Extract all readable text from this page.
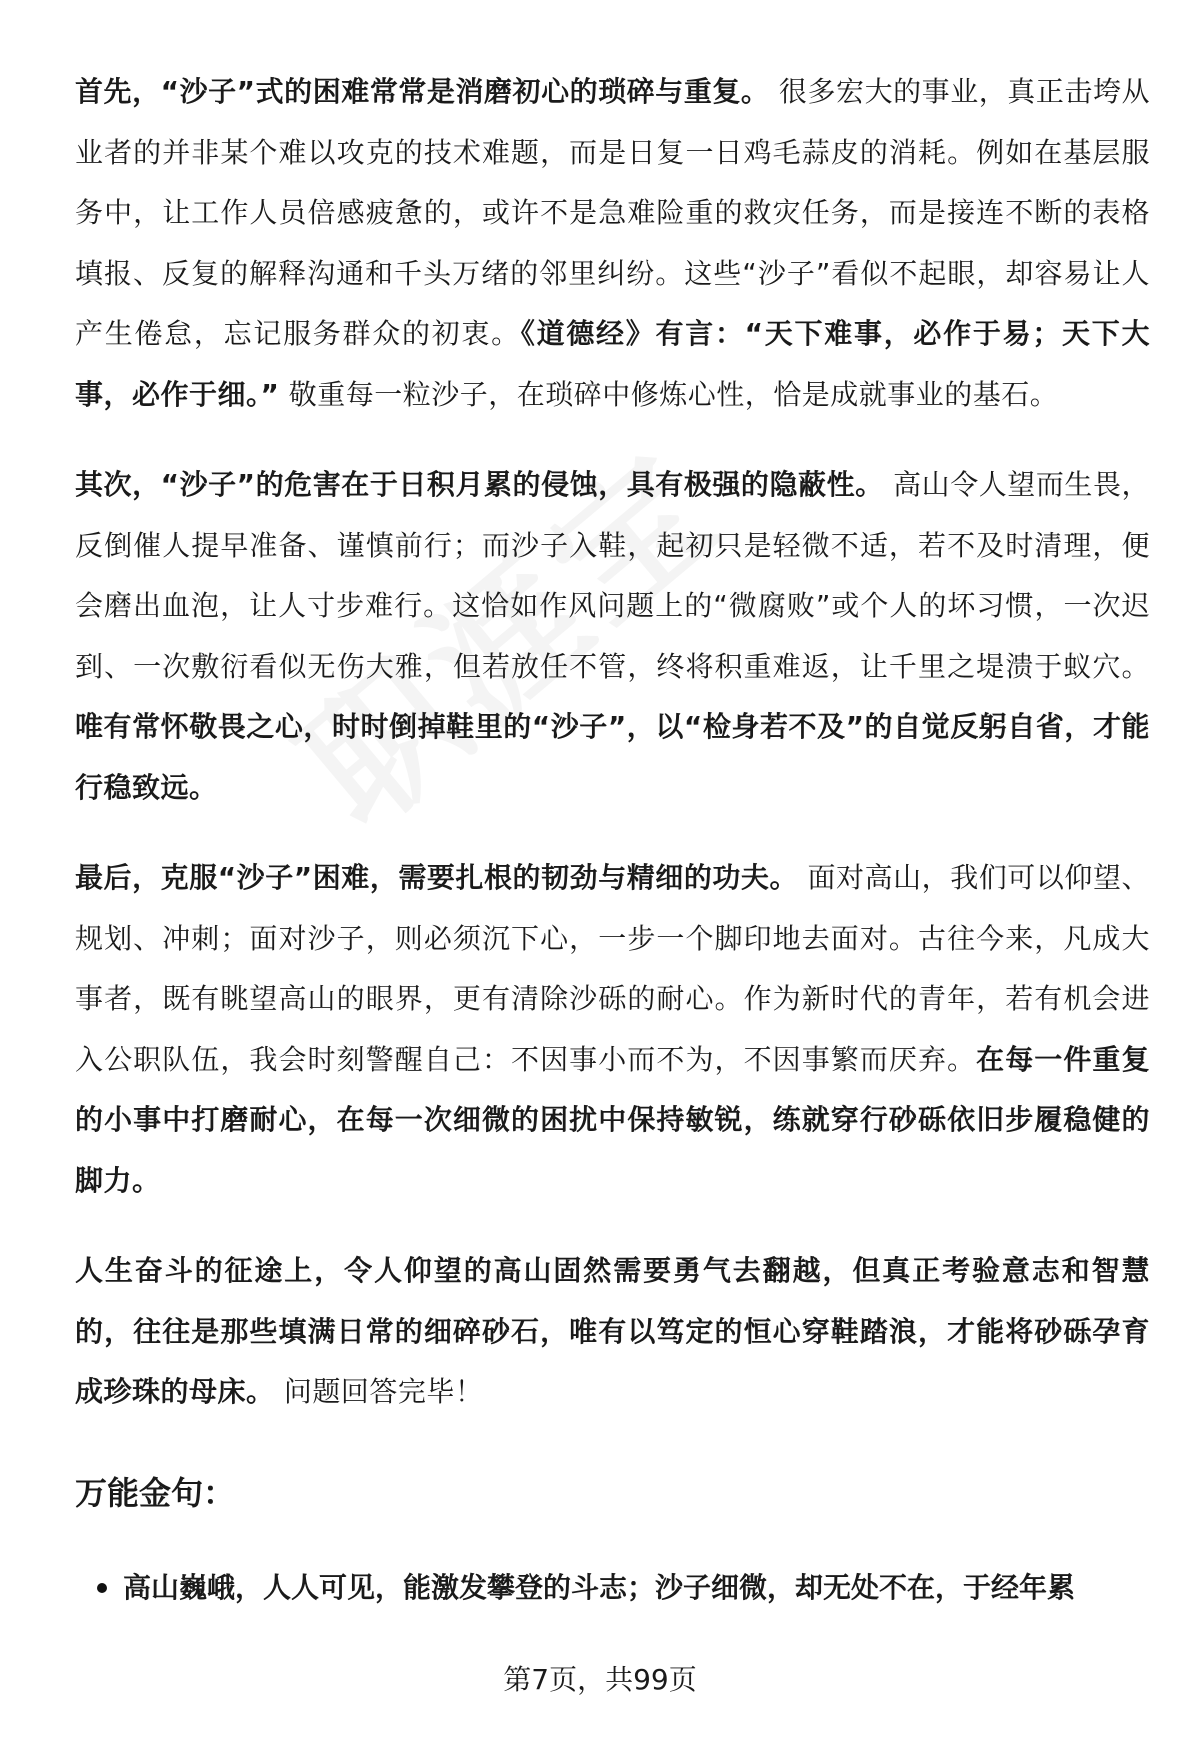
首先，“沙子”式的困难常常是消磨初心的琐碎与重复。 很多宏大的事业，真正击垮从业者的并非某个难以攻克的技术难题，而是日复一日鸡毛蒜皮的消耗。例如在基层服务中，让工作人员倍感疲惫的，或许不是急难险重的救灾任务，而是接连不断的表格填报、反复的解释沟通和千头万绪的邻里纠纷。这些“沙子”看似不起眼，却容易让人产生倦怠，忘记服务群众的初衷。《道德经》有言：“天下难事，必作于易；天下大事，必作于细。” 敬重每一粒沙子，在琐碎中修炼心性，恰是成就事业的基石。

其次，“沙子”的危害在于日积月累的侵蚀，具有极强的隐蔽性。 高山令人望而生畏，反倒催人提早准备、谨慎前行；而沙子入鞋，起初只是轻微不适，若不及时清理，便会磨出血泡，让人寸步难行。这恰如作风问题上的“微腐败”或个人的坏习惯，一次迟到、一次敷衍看似无伤大雅，但若放任不管，终将积重难返，让千里之堤溃于蚁穴。唯有常怀敬畏之心，时时倒掉鞋里的“沙子”，以“检身若不及”的自觉反躬自省，才能行稳致远。

最后，克服“沙子”困难，需要扎根的韧劲与精细的功夫。 面对高山，我们可以仰望、规划、冲刺；面对沙子，则必须沉下心，一步一个脚印地去面对。古往今来，凡成大事者，既有眺望高山的眼界，更有清除沙砾的耐心。作为新时代的青年，若有机会进入公职队伍，我会时刻警醒自己：不因事小而不为，不因事繁而厌弃。在每一件重复的小事中打磨耐心，在每一次细微的困扰中保持敏锐，练就穿行砂砾依旧步履稳健的脚力。

人生奋斗的征途上，令人仰望的高山固然需要勇气去翻越，但真正考验意志和智慧的，往往是那些填满日常的细碎砂石，唯有以笃定的恒心穿鞋踏浪，才能将砂砾孕育成珍珠的母床。 问题回答完毕！

万能金句：
高山巍峨，人人可见，能激发攀登的斗志；沙子细微，却无处不在，于经年累
第7页，共99页
